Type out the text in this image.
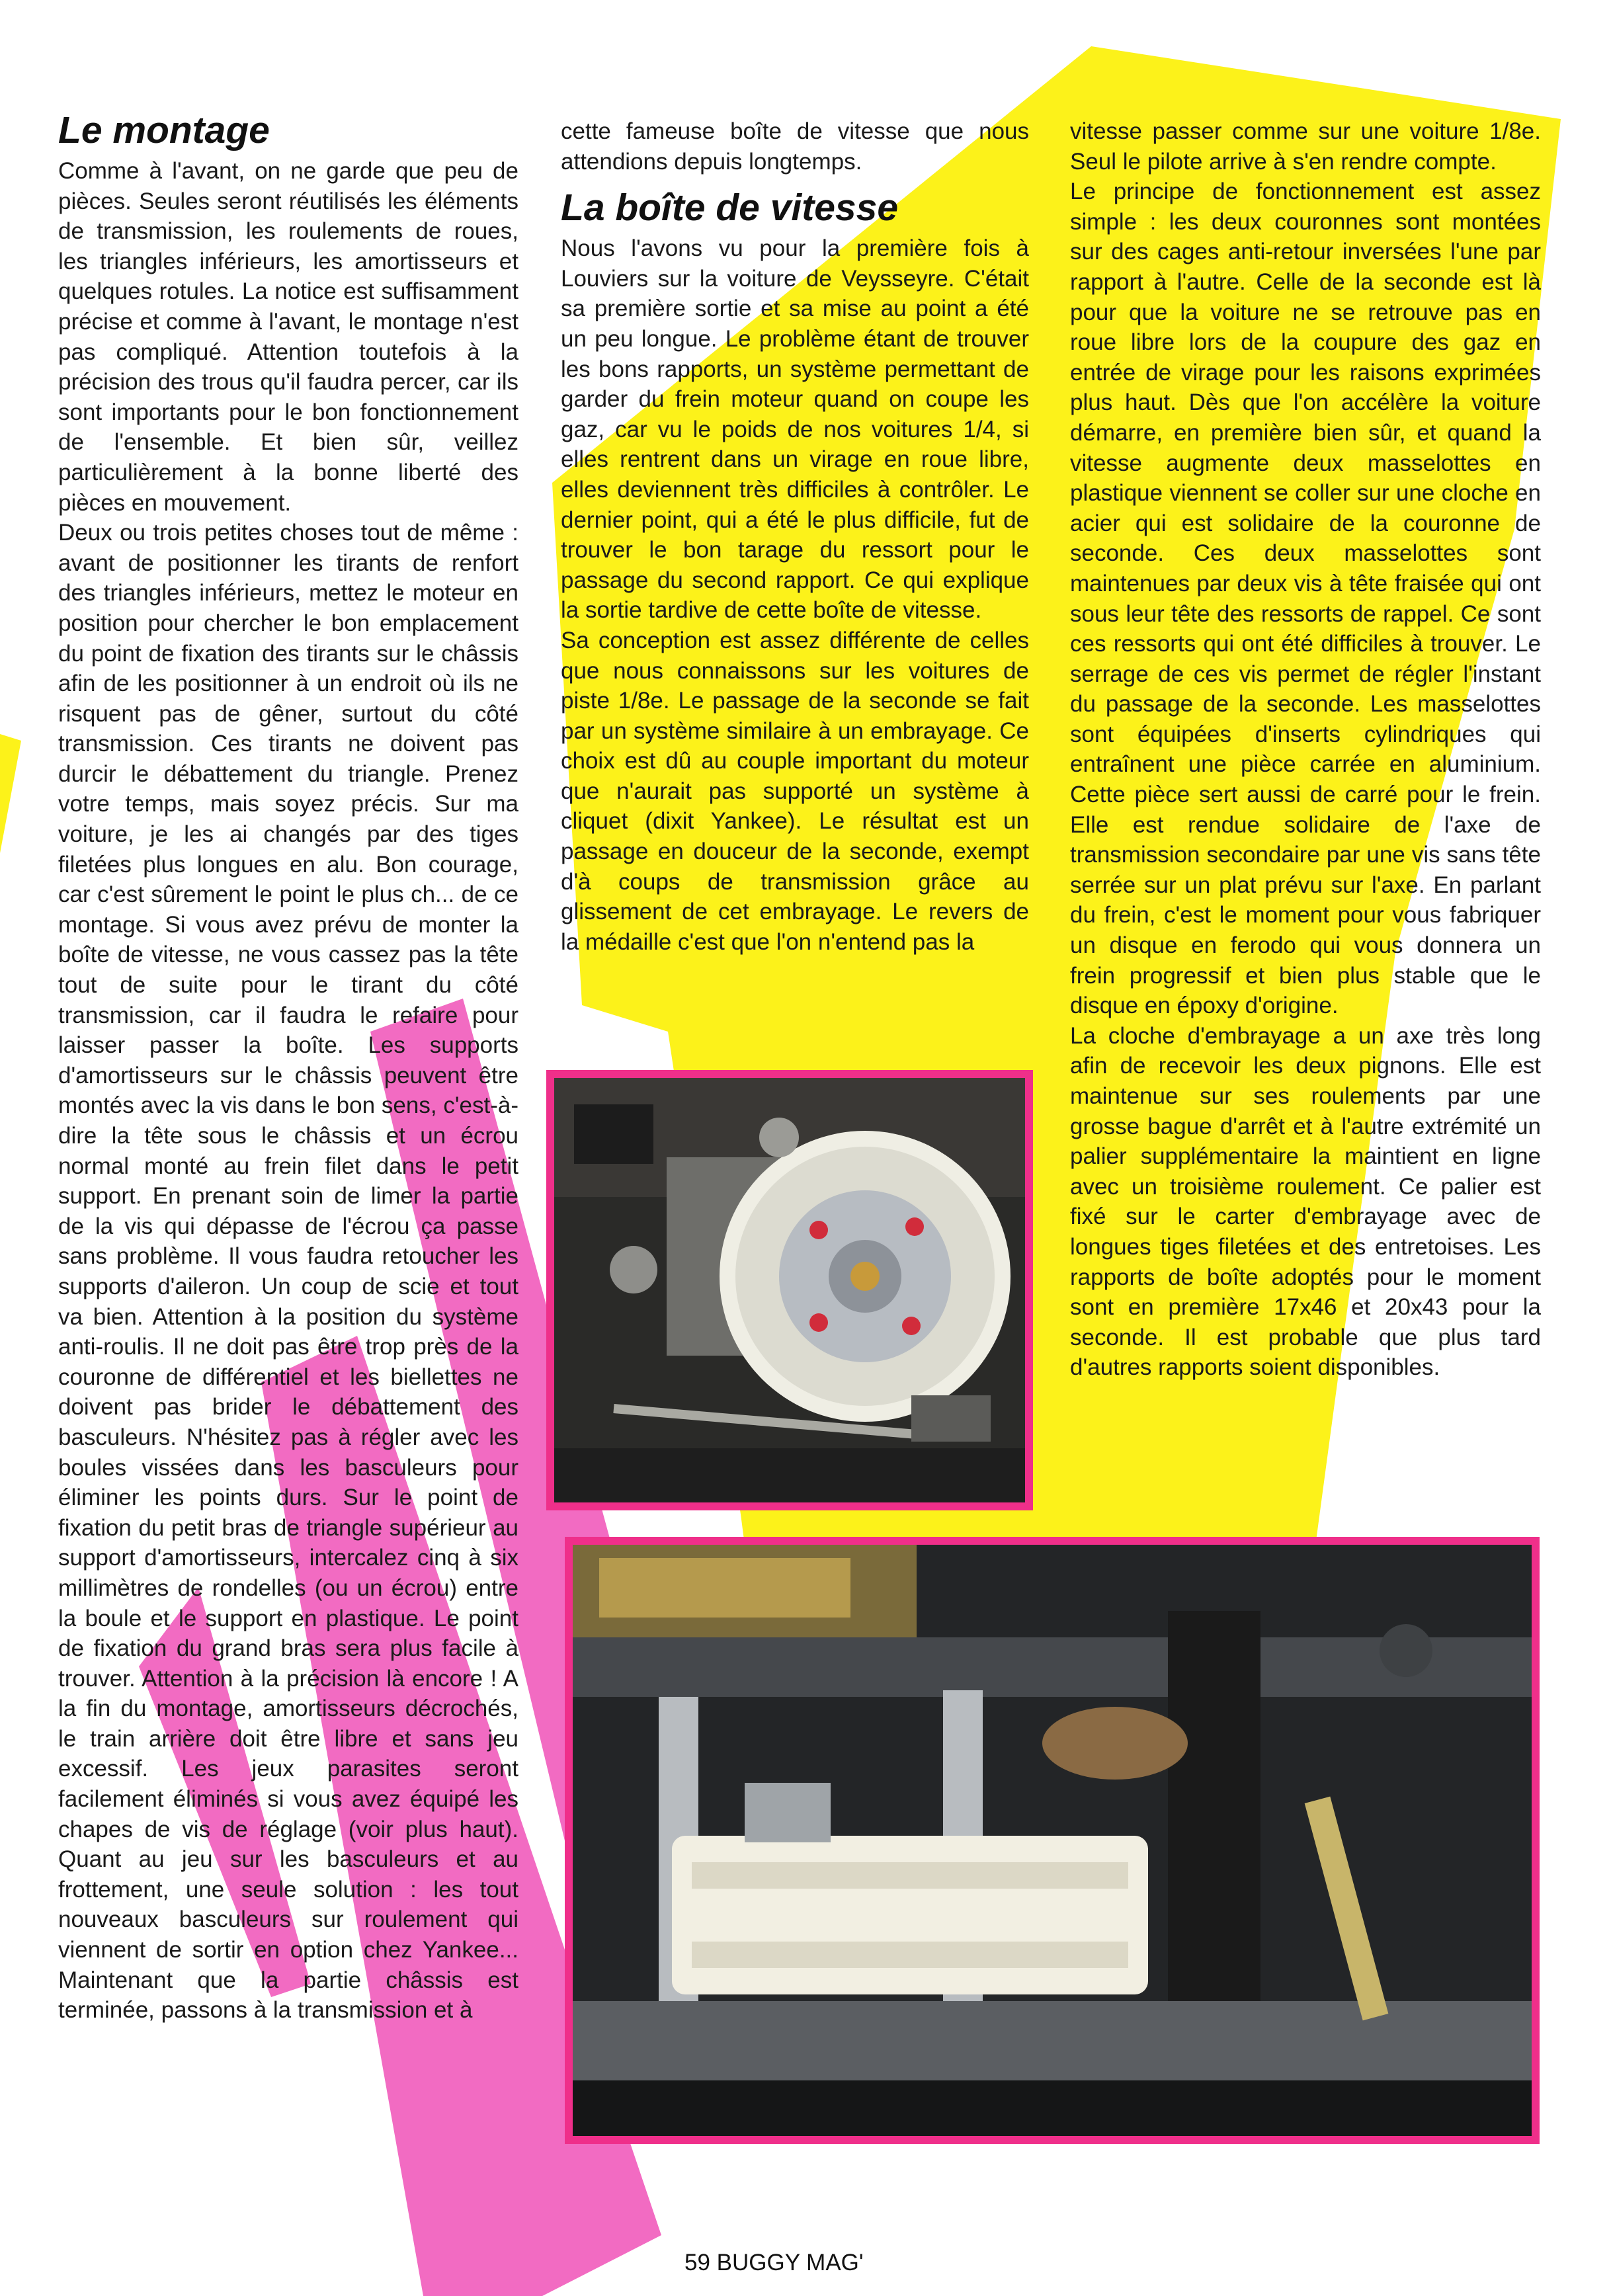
Le montage

Comme à l'avant, on ne garde que peu de pièces. Seules seront réutilisés les éléments de transmission, les roulements de roues, les triangles inférieurs, les amortisseurs et quelques rotules. La notice est suffisamment précise et comme à l'avant, le montage n'est pas compliqué. Attention toutefois à la précision des trous qu'il faudra percer, car ils sont importants pour le bon fonctionnement de l'ensemble. Et bien sûr, veillez particulièrement à la bonne liberté des pièces en mouvement.

Deux ou trois petites choses tout de même : avant de positionner les tirants de renfort des triangles inférieurs, mettez le moteur en position pour chercher le bon emplacement du point de fixation des tirants sur le châssis afin de les positionner à un endroit où ils ne risquent pas de gêner, surtout du côté transmission. Ces tirants ne doivent pas durcir le débattement du triangle. Prenez votre temps, mais soyez précis. Sur ma voiture, je les ai changés par des tiges filetées plus longues en alu. Bon courage, car c'est sûrement le point le plus ch... de ce montage. Si vous avez prévu de monter la boîte de vitesse, ne vous cassez pas la tête tout de suite pour le tirant du côté transmission, car il faudra le refaire pour laisser passer la boîte. Les supports d'amortisseurs sur le châssis peuvent être montés avec la vis dans le bon sens, c'est-à-dire la tête sous le châssis et un écrou normal monté au frein filet dans le petit support. En prenant soin de limer la partie de la vis qui dépasse de l'écrou ça passe sans problème. Il vous faudra retoucher les supports d'aileron. Un coup de scie et tout va bien. Attention à la position du système anti-roulis. Il ne doit pas être trop près de la couronne de différentiel et les biellettes ne doivent pas brider le débattement des basculeurs. N'hésitez pas à régler avec les boules vissées dans les basculeurs pour éliminer les points durs. Sur le point de fixation du petit bras de triangle supérieur au support d'amortisseurs, intercalez cinq à six millimètres de rondelles (ou un écrou) entre la boule et le support en plastique. Le point de fixation du grand bras sera plus facile à trouver. Attention à la précision là encore ! A la fin du montage, amortisseurs décrochés, le train arrière doit être libre et sans jeu excessif. Les jeux parasites seront facilement éliminés si vous avez équipé les chapes de vis de réglage (voir plus haut). Quant au jeu sur les basculeurs et au frottement, une seule solution : les tout nouveaux basculeurs sur roulement qui viennent de sortir en option chez Yankee... Maintenant que la partie châssis est terminée, passons à la transmission et à

cette fameuse boîte de vitesse que nous attendions depuis longtemps.

La boîte de vitesse

Nous l'avons vu pour la première fois à Louviers sur la voiture de Veysseyre. C'était sa première sortie et sa mise au point a été un peu longue. Le problème étant de trouver les bons rapports, un système permettant de garder du frein moteur quand on coupe les gaz, car vu le poids de nos voitures 1/4, si elles rentrent dans un virage en roue libre, elles deviennent très difficiles à contrôler. Le dernier point, qui a été le plus difficile, fut de trouver le bon tarage du ressort pour le passage du second rapport. Ce qui explique la sortie tardive de cette boîte de vitesse.

Sa conception est assez différente de celles que nous connaissons sur les voitures de piste 1/8e. Le passage de la seconde se fait par un système similaire à un embrayage. Ce choix est dû au couple important du moteur que n'aurait pas supporté un système à cliquet (dixit Yankee). Le résultat est un passage en douceur de la seconde, exempt d'à coups de transmission grâce au glissement de cet embrayage. Le revers de la médaille c'est que l'on n'entend pas la

vitesse passer comme sur une voiture 1/8e. Seul le pilote arrive à s'en rendre compte.

Le principe de fonctionnement est assez simple : les deux couronnes sont montées sur des cages anti-retour inversées l'une par rapport à l'autre. Celle de la seconde est là pour que la voiture ne se retrouve pas en roue libre lors de la coupure des gaz en entrée de virage pour les raisons exprimées plus haut. Dès que l'on accélère la voiture démarre, en première bien sûr, et quand la vitesse augmente deux masselottes en plastique viennent se coller sur une cloche en acier qui est solidaire de la couronne de seconde. Ces deux masselottes sont maintenues par deux vis à tête fraisée qui ont sous leur tête des ressorts de rappel. Ce sont ces ressorts qui ont été difficiles à trouver. Le serrage de ces vis permet de régler l'instant du passage de la seconde. Les masselottes sont équipées d'inserts cylindriques qui entraînent une pièce carrée en aluminium. Cette pièce sert aussi de carré pour le frein. Elle est rendue solidaire de l'axe de transmission secondaire par une vis sans tête serrée sur un plat prévu sur l'axe. En parlant du frein, c'est le moment pour vous fabriquer un disque en ferodo qui vous donnera un frein progressif et bien plus stable que le disque en époxy d'origine.

La cloche d'embrayage a un axe très long afin de recevoir les deux pignons. Elle est maintenue sur ses roulements par une grosse bague d'arrêt et à l'autre extrémité un palier supplémentaire la maintient en ligne avec un troisième roulement. Ce palier est fixé sur le carter d'embrayage avec de longues tiges filetées et des entretoises. Les rapports de boîte adoptés pour le moment sont en première 17x46 et 20x43 pour la seconde. Il est probable que plus tard d'autres rapports soient disponibles.

59 BUGGY MAG'
